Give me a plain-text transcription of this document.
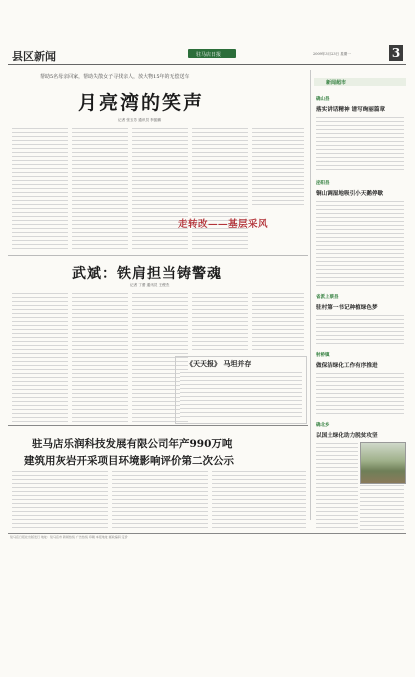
县区新闻	2009年3月23日 星期一
驻马店日报	3
帮助5名母亲回家，帮助失散女子寻找亲人，放大物15年的无偿送车
月亮湾的笑声
记者 张玉芳 通讯员 李振鹏
走转改——基层采风
武斌：铁肩担当铸警魂
记者 丁蕾 通讯员 王俊杰
《天天报》 马坦并存
驻马店乐润科技发展有限公司年产990万吨
建筑用灰岩开采项目环境影响评价第二次公示
新闻超市
确山县
落实讲话精神 谱写绚丽篇章
泌阳县
铜山调湿地吸引小天鹅停歇
省派上蔡县
驻村第一书记种植绿色梦
射桥镇
做保洁绿化工作有序推进
确北乡
以国土绿化助力脱贫攻坚
驻马店日报社出版发行 地址：驻马店市 新闻热线 广告热线 印刷 本报地址 邮政编码 定价
